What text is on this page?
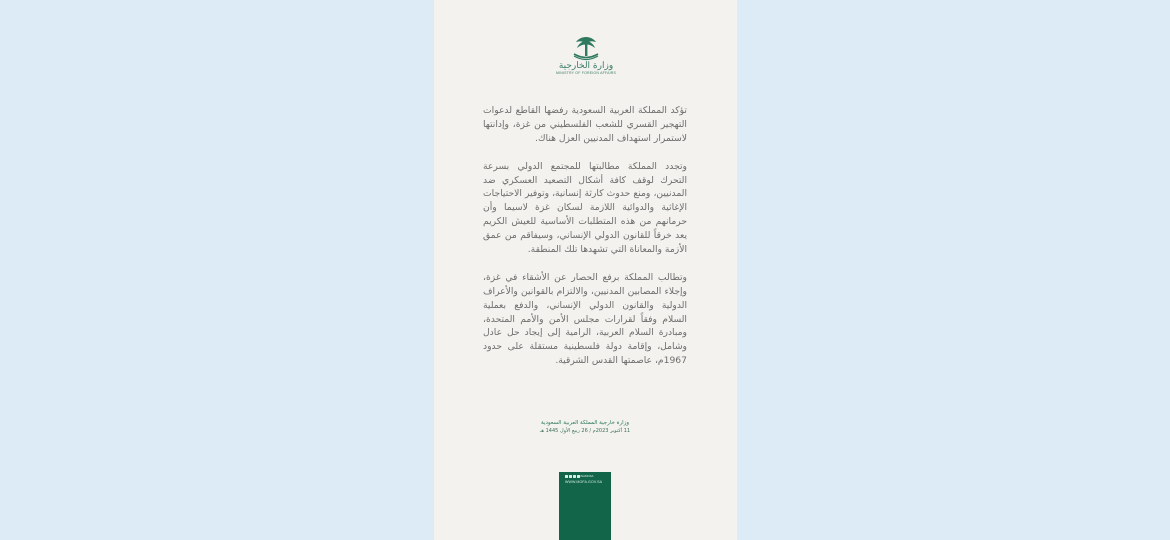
وزارة الخارجية
MINISTRY OF FOREIGN AFFAIRS

تؤكد المملكة العربية السعودية رفضها القاطع لدعوات التهجير القسري للشعب الفلسطيني من غزة، وإدانتها لاستمرار استهداف المدنيين العزل هناك.

وتجدد المملكة مطالبتها للمجتمع الدولي بسرعة التحرك لوقف كافة أشكال التصعيد العسكري ضد المدنيين، ومنع حدوث كارثة إنسانية، وتوفير الاحتياجات الإغاثية والدوائية اللازمة لسكان غزة لاسيما وأن حرمانهم من هذه المتطلبات الأساسية للعيش الكريم يعد خرقاً للقانون الدولي الإنساني، وسيفاقم من عمق الأزمة والمعاناة التي تشهدها تلك المنطقة.

وتطالب المملكة برفع الحصار عن الأشقاء في غزة، وإجلاء المصابين المدنيين، والالتزام بالقوانين والأعراف الدولية والقانون الدولي الإنساني، والدفع بعملية السلام وفقاً لقرارات مجلس الأمن والأمم المتحدة، ومبادرة السلام العربية، الرامية إلى إيجاد حل عادل وشامل، وإقامة دولة فلسطينية مستقلة على حدود 1967م، عاصمتها القدس الشرقية.

وزارة خارجية المملكة العربية السعودية
11 أكتوبر 2023م / 26 ربيع الأول 1445 هـ
KSAMOFA
WWW.MOFA.GOV.SA
